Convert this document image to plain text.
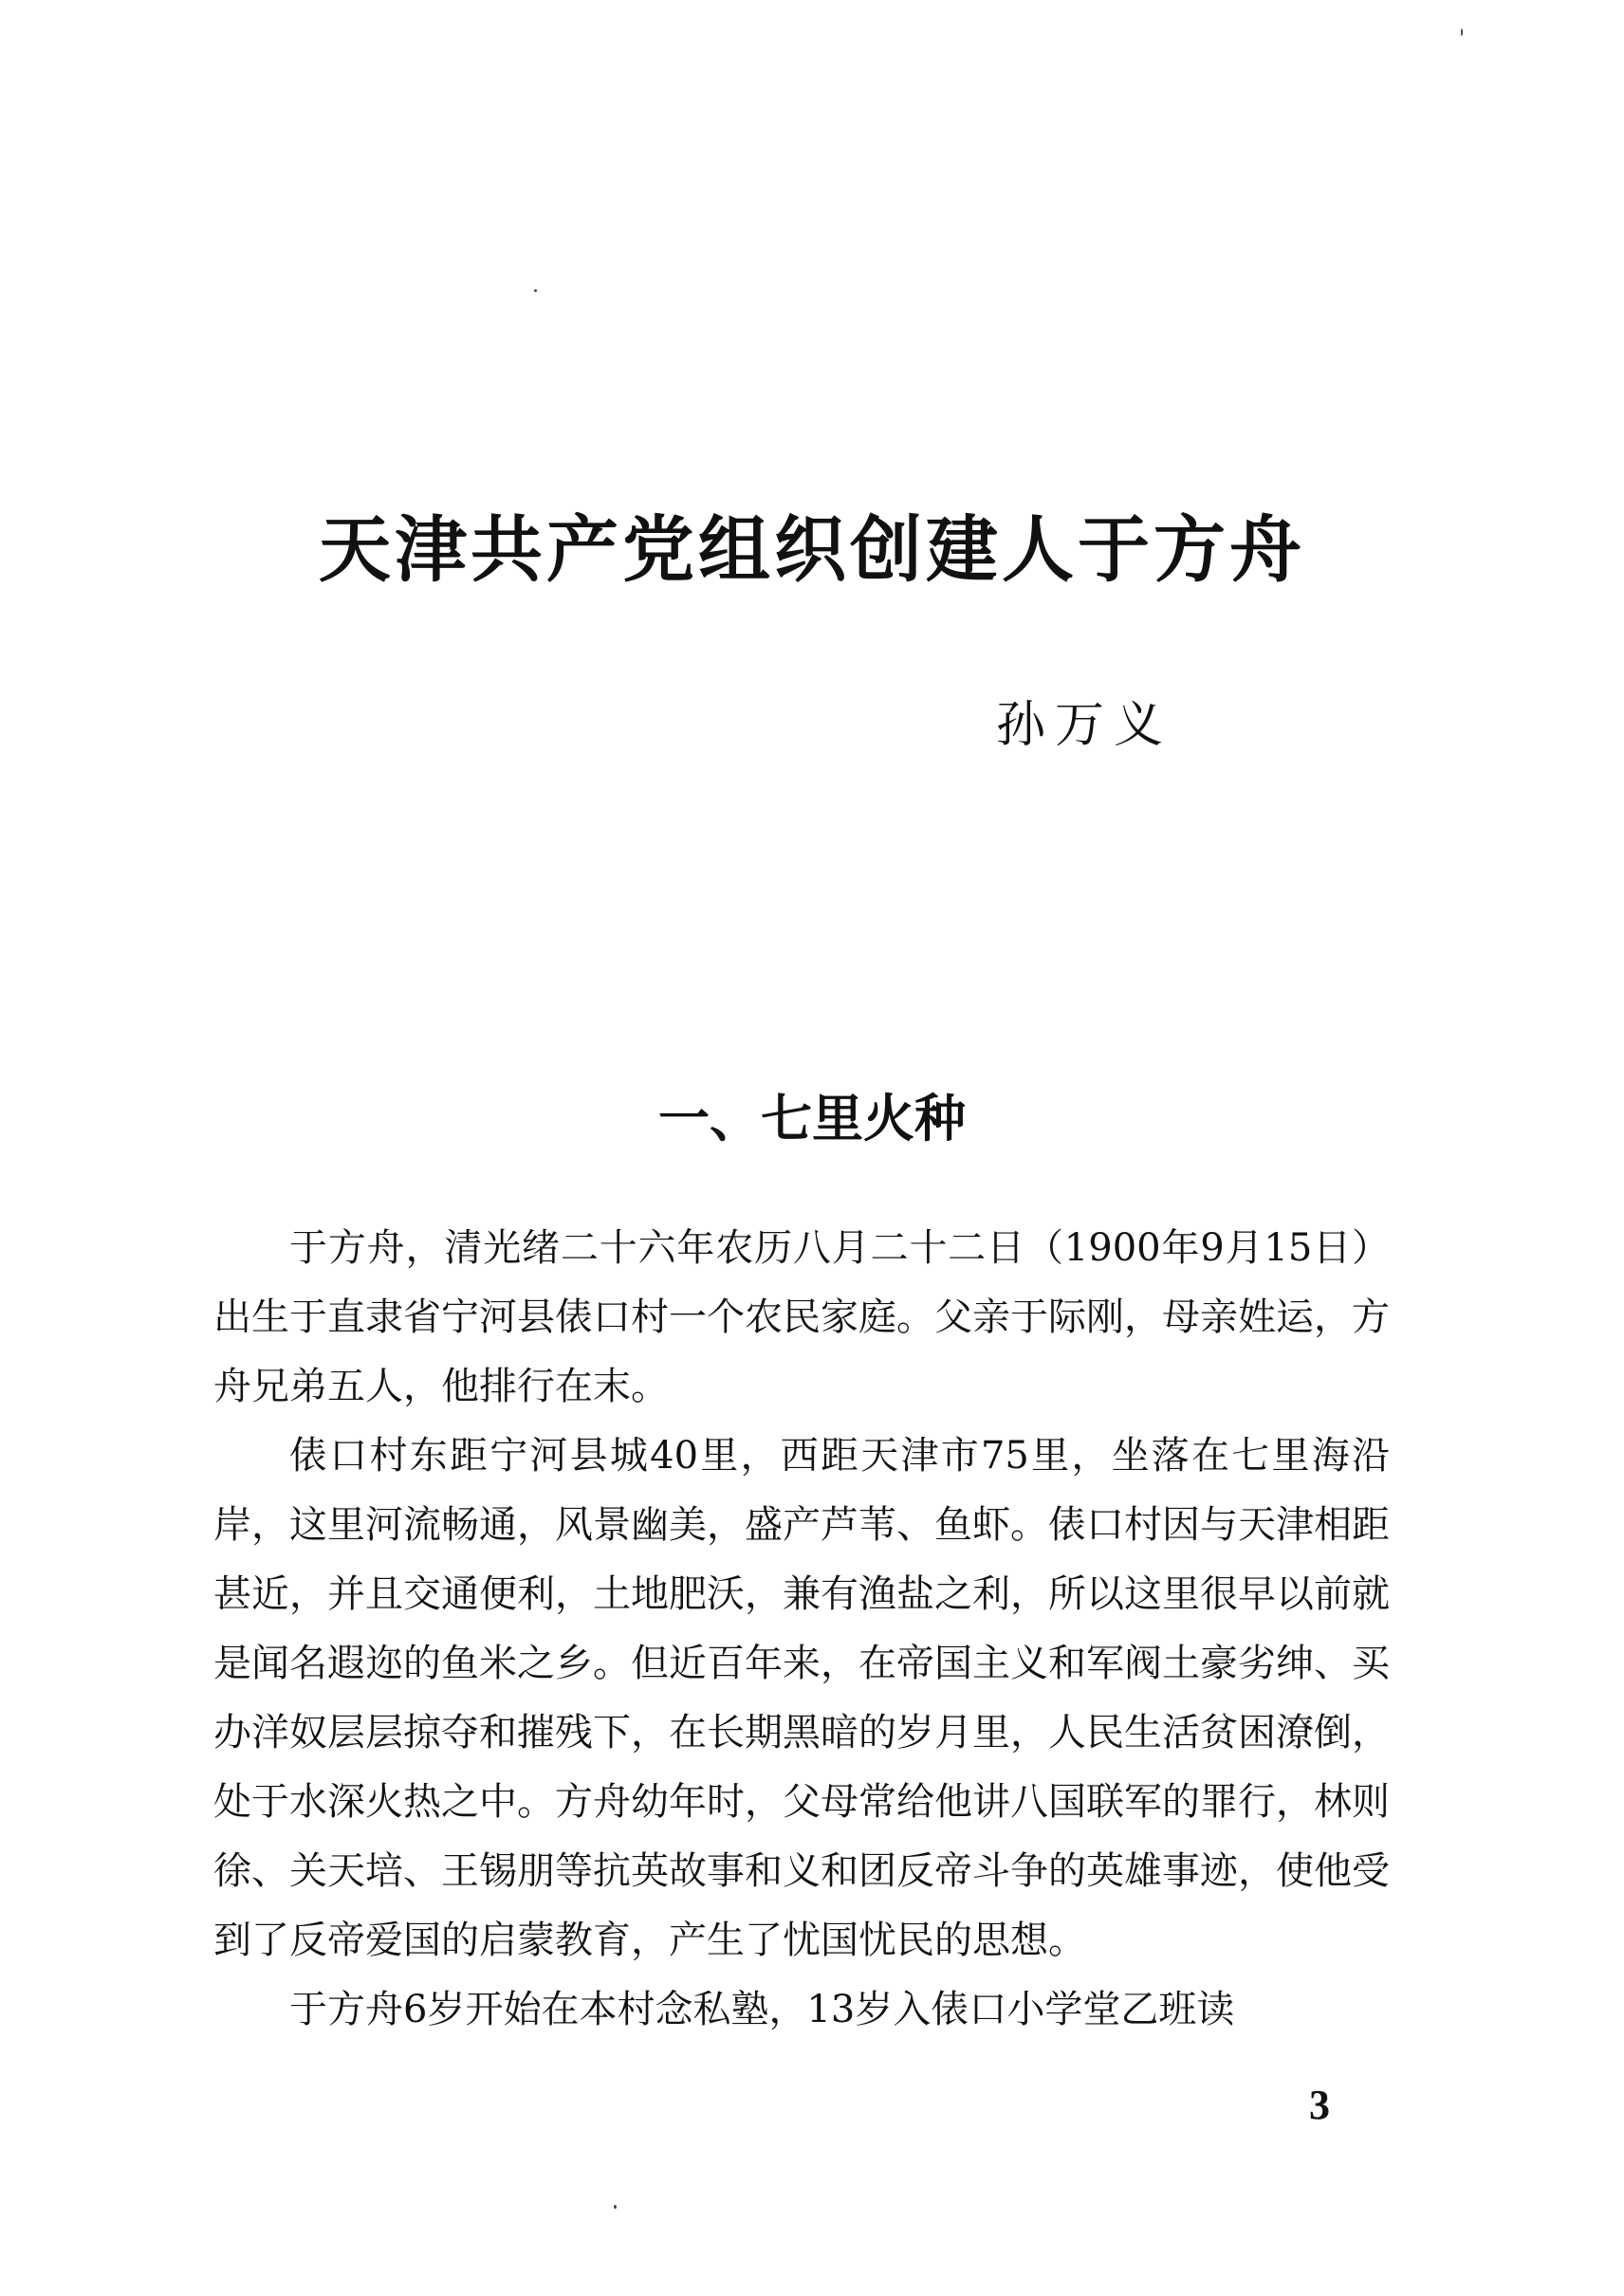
天津共产党组织创建人于方舟
孙万义
一、七里火种

于方舟，清光绪二十六年农历八月二十二日（1900年9月15日）出生于直隶省宁河县俵口村一个农民家庭。父亲于际刚，母亲姓运，方舟兄弟五人，他排行在末。

俵口村东距宁河县城40里，西距天津市75里，坐落在七里海沿岸，这里河流畅通，风景幽美，盛产芦苇、鱼虾。俵口村因与天津相距甚近，并且交通便利，土地肥沃，兼有渔盐之利，所以这里很早以前就是闻名遐迩的鱼米之乡。但近百年来，在帝国主义和军阀土豪劣绅、买办洋奴层层掠夺和摧残下，在长期黑暗的岁月里，人民生活贫困潦倒，处于水深火热之中。方舟幼年时，父母常给他讲八国联军的罪行，林则徐、关天培、王锡朋等抗英故事和义和团反帝斗争的英雄事迹，使他受到了反帝爱国的启蒙教育，产生了忧国忧民的思想。

于方舟6岁开始在本村念私塾，13岁入俵口小学堂乙班读

3
